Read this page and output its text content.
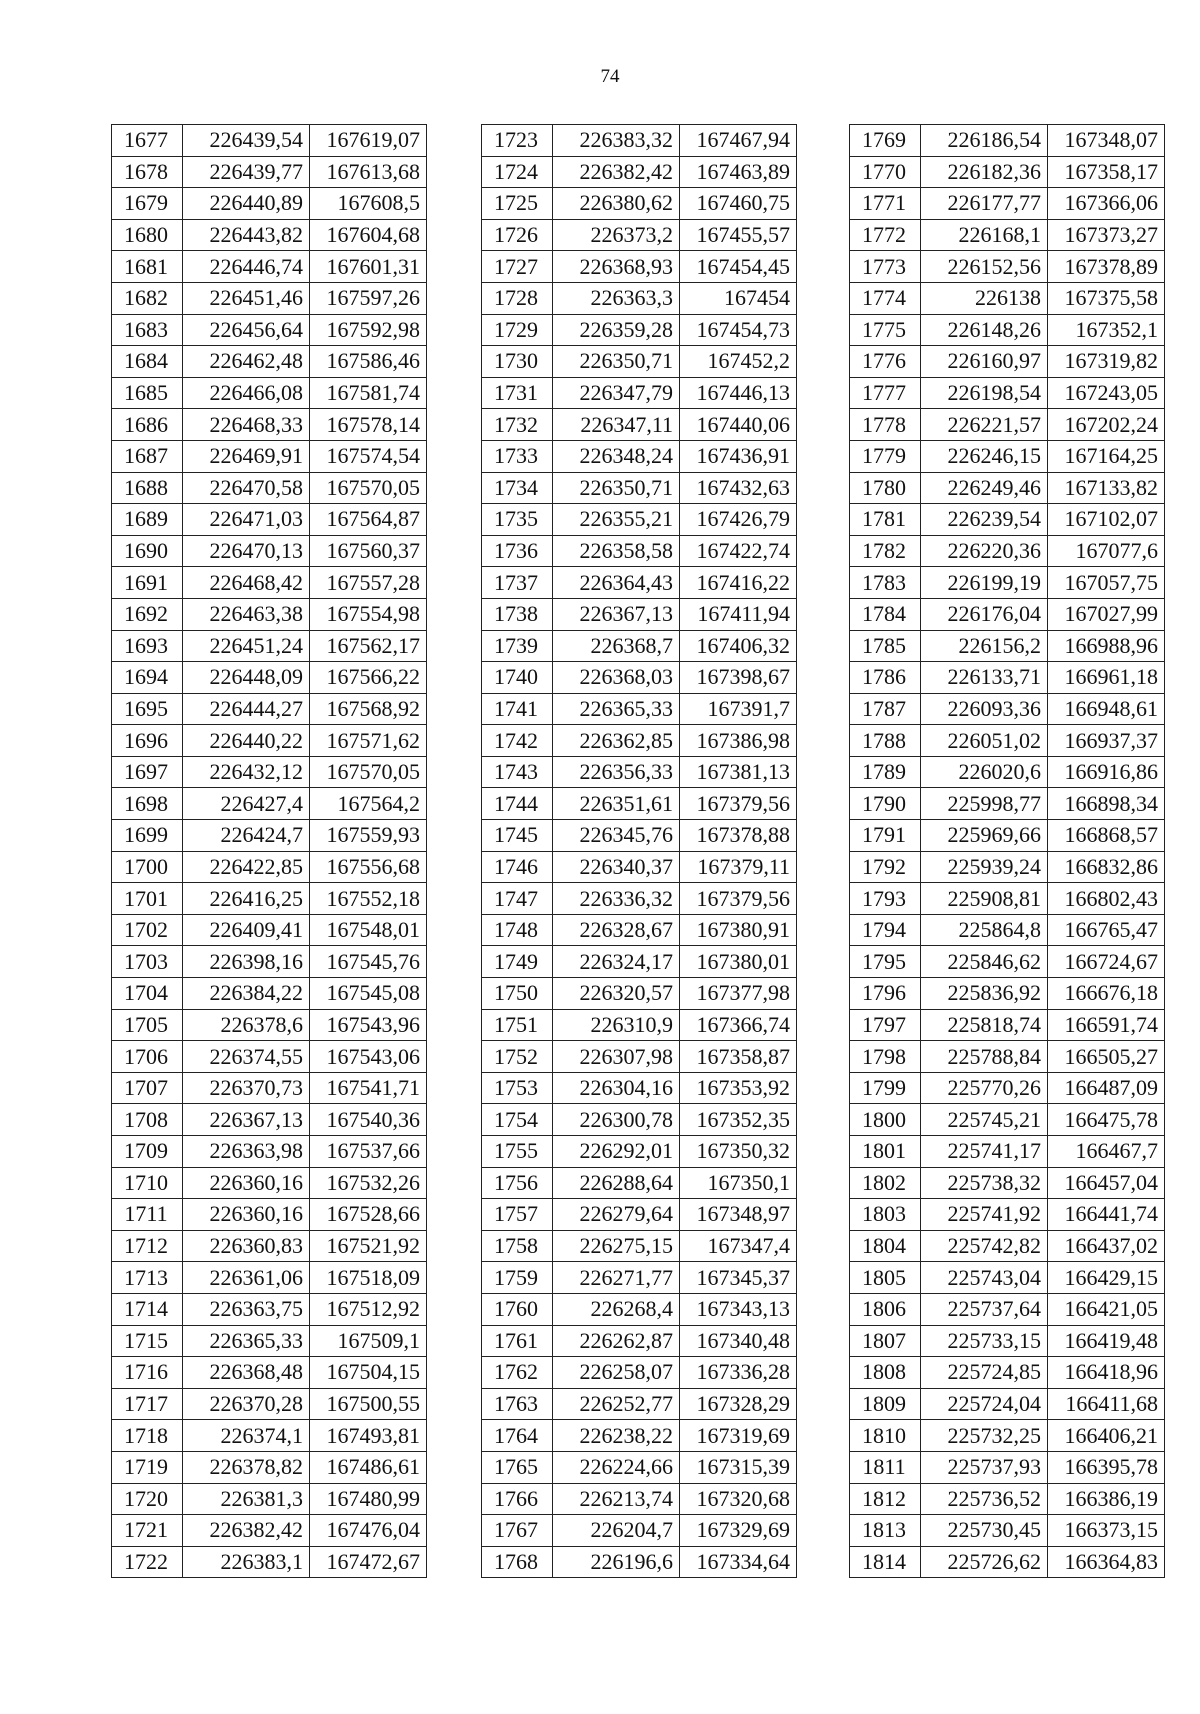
74
1677	226439,54	167619,07
1678	226439,77	167613,68
1679	226440,89	167608,5
1680	226443,82	167604,68
1681	226446,74	167601,31
1682	226451,46	167597,26
1683	226456,64	167592,98
1684	226462,48	167586,46
1685	226466,08	167581,74
1686	226468,33	167578,14
1687	226469,91	167574,54
1688	226470,58	167570,05
1689	226471,03	167564,87
1690	226470,13	167560,37
1691	226468,42	167557,28
1692	226463,38	167554,98
1693	226451,24	167562,17
1694	226448,09	167566,22
1695	226444,27	167568,92
1696	226440,22	167571,62
1697	226432,12	167570,05
1698	226427,4	167564,2
1699	226424,7	167559,93
1700	226422,85	167556,68
1701	226416,25	167552,18
1702	226409,41	167548,01
1703	226398,16	167545,76
1704	226384,22	167545,08
1705	226378,6	167543,96
1706	226374,55	167543,06
1707	226370,73	167541,71
1708	226367,13	167540,36
1709	226363,98	167537,66
1710	226360,16	167532,26
1711	226360,16	167528,66
1712	226360,83	167521,92
1713	226361,06	167518,09
1714	226363,75	167512,92
1715	226365,33	167509,1
1716	226368,48	167504,15
1717	226370,28	167500,55
1718	226374,1	167493,81
1719	226378,82	167486,61
1720	226381,3	167480,99
1721	226382,42	167476,04
1722	226383,1	167472,67
1723	226383,32	167467,94
1724	226382,42	167463,89
1725	226380,62	167460,75
1726	226373,2	167455,57
1727	226368,93	167454,45
1728	226363,3	167454
1729	226359,28	167454,73
1730	226350,71	167452,2
1731	226347,79	167446,13
1732	226347,11	167440,06
1733	226348,24	167436,91
1734	226350,71	167432,63
1735	226355,21	167426,79
1736	226358,58	167422,74
1737	226364,43	167416,22
1738	226367,13	167411,94
1739	226368,7	167406,32
1740	226368,03	167398,67
1741	226365,33	167391,7
1742	226362,85	167386,98
1743	226356,33	167381,13
1744	226351,61	167379,56
1745	226345,76	167378,88
1746	226340,37	167379,11
1747	226336,32	167379,56
1748	226328,67	167380,91
1749	226324,17	167380,01
1750	226320,57	167377,98
1751	226310,9	167366,74
1752	226307,98	167358,87
1753	226304,16	167353,92
1754	226300,78	167352,35
1755	226292,01	167350,32
1756	226288,64	167350,1
1757	226279,64	167348,97
1758	226275,15	167347,4
1759	226271,77	167345,37
1760	226268,4	167343,13
1761	226262,87	167340,48
1762	226258,07	167336,28
1763	226252,77	167328,29
1764	226238,22	167319,69
1765	226224,66	167315,39
1766	226213,74	167320,68
1767	226204,7	167329,69
1768	226196,6	167334,64
1769	226186,54	167348,07
1770	226182,36	167358,17
1771	226177,77	167366,06
1772	226168,1	167373,27
1773	226152,56	167378,89
1774	226138	167375,58
1775	226148,26	167352,1
1776	226160,97	167319,82
1777	226198,54	167243,05
1778	226221,57	167202,24
1779	226246,15	167164,25
1780	226249,46	167133,82
1781	226239,54	167102,07
1782	226220,36	167077,6
1783	226199,19	167057,75
1784	226176,04	167027,99
1785	226156,2	166988,96
1786	226133,71	166961,18
1787	226093,36	166948,61
1788	226051,02	166937,37
1789	226020,6	166916,86
1790	225998,77	166898,34
1791	225969,66	166868,57
1792	225939,24	166832,86
1793	225908,81	166802,43
1794	225864,8	166765,47
1795	225846,62	166724,67
1796	225836,92	166676,18
1797	225818,74	166591,74
1798	225788,84	166505,27
1799	225770,26	166487,09
1800	225745,21	166475,78
1801	225741,17	166467,7
1802	225738,32	166457,04
1803	225741,92	166441,74
1804	225742,82	166437,02
1805	225743,04	166429,15
1806	225737,64	166421,05
1807	225733,15	166419,48
1808	225724,85	166418,96
1809	225724,04	166411,68
1810	225732,25	166406,21
1811	225737,93	166395,78
1812	225736,52	166386,19
1813	225730,45	166373,15
1814	225726,62	166364,83
